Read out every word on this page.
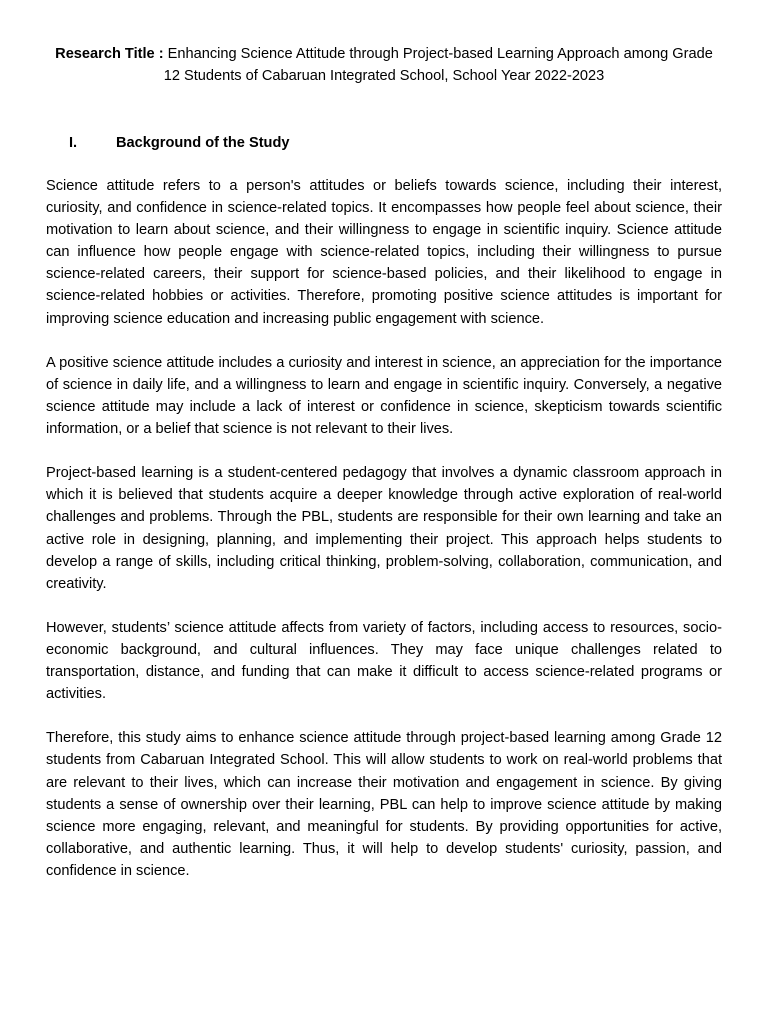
Research Title : Enhancing Science Attitude through Project-based Learning Approach among Grade 12 Students of Cabaruan Integrated School, School Year 2022-2023
I.	Background of the Study

Science attitude refers to a person's attitudes or beliefs towards science, including their interest, curiosity, and confidence in science-related topics. It encompasses how people feel about science, their motivation to learn about science, and their willingness to engage in scientific inquiry. Science attitude can influence how people engage with science-related topics, including their willingness to pursue science-related careers, their support for science-based policies, and their likelihood to engage in science-related hobbies or activities. Therefore, promoting positive science attitudes is important for improving science education and increasing public engagement with science.

A positive science attitude includes a curiosity and interest in science, an appreciation for the importance of science in daily life, and a willingness to learn and engage in scientific inquiry. Conversely, a negative science attitude may include a lack of interest or confidence in science, skepticism towards scientific information, or a belief that science is not relevant to their lives.

Project-based learning is a student-centered pedagogy that involves a dynamic classroom approach in which it is believed that students acquire a deeper knowledge through active exploration of real-world challenges and problems. Through the PBL, students are responsible for their own learning and take an active role in designing, planning, and implementing their project. This approach helps students to develop a range of skills, including critical thinking, problem-solving, collaboration, communication, and creativity.

However, students’ science attitude affects from variety of factors, including access to resources, socio-economic background, and cultural influences. They may face unique challenges related to transportation, distance, and funding that can make it difficult to access science-related programs or activities.

Therefore, this study aims to enhance science attitude through project-based learning among Grade 12 students from Cabaruan Integrated School. This will allow students to work on real-world problems that are relevant to their lives, which can increase their motivation and engagement in science. By giving students a sense of ownership over their learning, PBL can help to improve science attitude by making science more engaging, relevant, and meaningful for students. By providing opportunities for active, collaborative, and authentic learning. Thus, it will help to develop students' curiosity, passion, and confidence in science.
